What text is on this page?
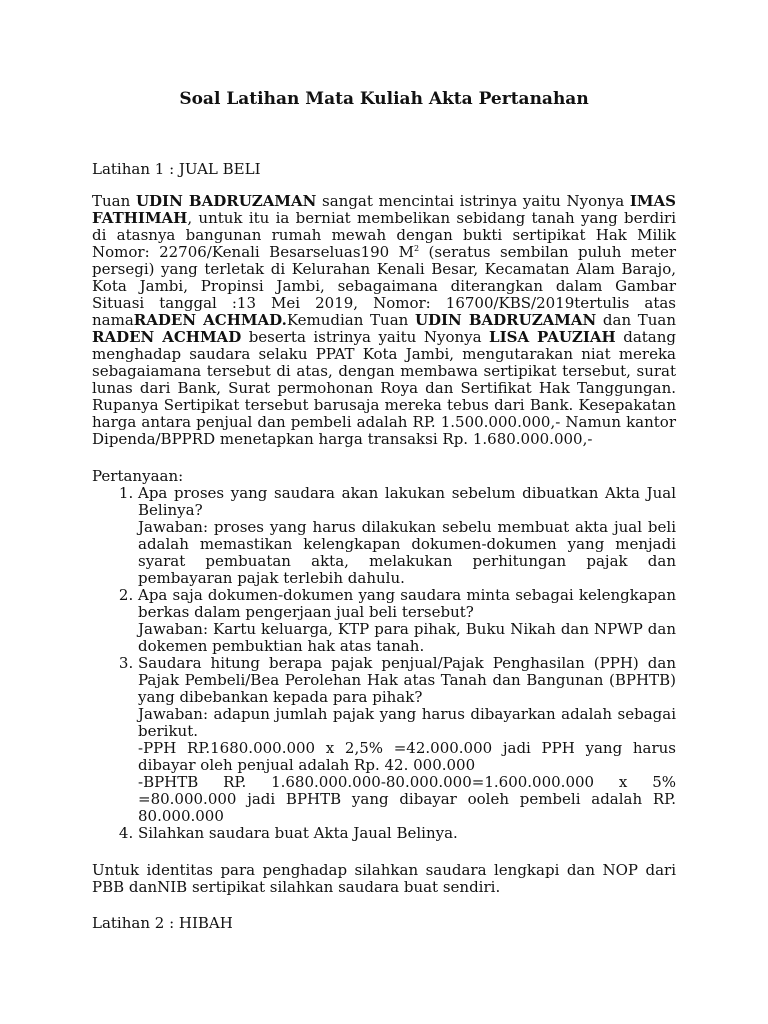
Soal Latihan Mata Kuliah Akta Pertanahan

Latihan 1 : JUAL BELI

Tuan UDIN BADRUZAMAN sangat mencintai istrinya yaitu Nyonya IMAS FATHIMAH, untuk itu ia berniat membelikan sebidang tanah yang berdiri di atasnya bangunan rumah mewah dengan bukti sertipikat Hak Milik Nomor: 22706/Kenali Besarseluas190 $M^2$ (seratus sembilan puluh meter persegi) yang terletak di Kelurahan Kenali Besar, Kecamatan Alam Barajo, Kota Jambi, Propinsi Jambi, sebagaimana diterangkan dalam Gambar Situasi tanggal :13 Mei 2019, Nomor: 16700/KBS/2019tertulis atas namaRADEN ACHMAD.Kemudian Tuan UDIN BADRUZAMAN dan Tuan RADEN ACHMAD beserta istrinya yaitu Nyonya LISA PAUZIAH datang menghadap saudara selaku PPAT Kota Jambi, mengutarakan niat mereka sebagaiamana tersebut di atas, dengan membawa sertipikat tersebut, surat lunas dari Bank, Surat permohonan Roya dan Sertifikat Hak Tanggungan. Rupanya Sertipikat tersebut barusaja mereka tebus dari Bank. Kesepakatan harga antara penjual dan pembeli adalah RP. 1.500.000.000,- Namun kantor Dipenda/BPPRD menetapkan harga transaksi Rp. 1.680.000.000,-

Pertanyaan:

1. Apa proses yang saudara akan lakukan sebelum dibuatkan Akta Jual Belinya?

Jawaban: proses yang harus dilakukan sebelu membuat akta jual beli adalah memastikan kelengkapan dokumen-dokumen yang menjadi syarat pembuatan akta, melakukan perhitungan pajak dan pembayaran pajak terlebih dahulu.

2. Apa saja dokumen-dokumen yang saudara minta sebagai kelengkapan berkas dalam pengerjaan jual beli tersebut?

Jawaban: Kartu keluarga, KTP para pihak, Buku Nikah dan NPWP dan dokemen pembuktian hak atas tanah.

3. Saudara hitung berapa pajak penjual/Pajak Penghasilan (PPH) dan Pajak Pembeli/Bea Perolehan Hak atas Tanah dan Bangunan (BPHTB) yang dibebankan kepada para pihak?

Jawaban: adapun jumlah pajak yang harus dibayarkan adalah sebagai berikut.

-PPH RP.1680.000.000 x 2,5% =42.000.000 jadi PPH yang harus dibayar oleh penjual adalah Rp. 42. 000.000

-BPHTB RP. 1.680.000.000-80.000.000=1.600.000.000 x 5% =80.000.000 jadi BPHTB yang dibayar ooleh pembeli adalah RP. 80.000.000

4. Silahkan saudara buat Akta Jaual Belinya.

Untuk identitas para penghadap silahkan saudara lengkapi dan NOP dari PBB danNIB sertipikat silahkan saudara buat sendiri.

Latihan 2 : HIBAH
